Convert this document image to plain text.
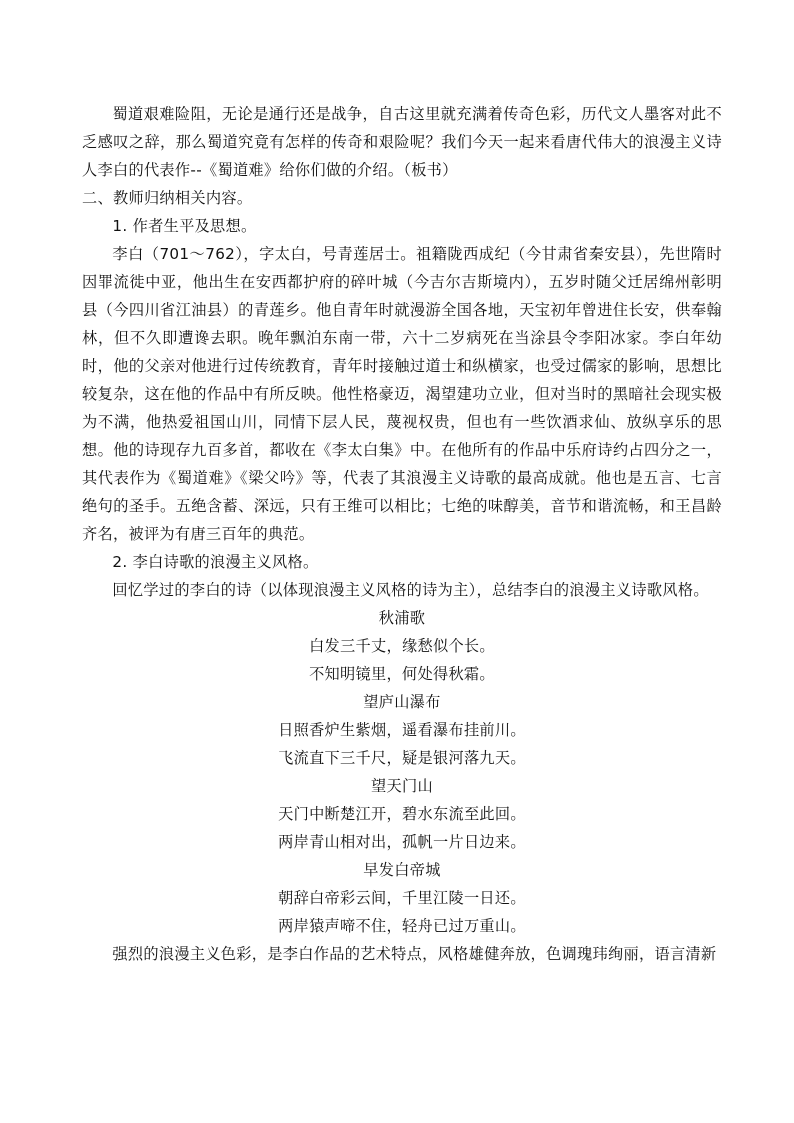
蜀道艰难险阻，无论是通行还是战争，自古这里就充满着传奇色彩，历代文人墨客对此不乏感叹之辞，那么蜀道究竟有怎样的传奇和艰险呢？我们今天一起来看唐代伟大的浪漫主义诗人李白的代表作--《蜀道难》给你们做的介绍。（板书）

二、教师归纳相关内容。

1. 作者生平及思想。

李白（701～762），字太白，号青莲居士。祖籍陇西成纪（今甘肃省秦安县），先世隋时因罪流徙中亚，他出生在安西都护府的碎叶城（今吉尔吉斯境内），五岁时随父迁居绵州彰明县（今四川省江油县）的青莲乡。他自青年时就漫游全国各地，天宝初年曾进住长安，供奉翰林，但不久即遭谗去职。晚年飘泊东南一带，六十二岁病死在当涂县令李阳冰家。李白年幼时，他的父亲对他进行过传统教育，青年时接触过道士和纵横家，也受过儒家的影响，思想比较复杂，这在他的作品中有所反映。他性格豪迈，渴望建功立业，但对当时的黑暗社会现实极为不满，他热爱祖国山川，同情下层人民，蔑视权贵，但也有一些饮酒求仙、放纵享乐的思想。他的诗现存九百多首，都收在《李太白集》中。在他所有的作品中乐府诗约占四分之一，其代表作为《蜀道难》《梁父吟》等，代表了其浪漫主义诗歌的最高成就。他也是五言、七言绝句的圣手。五绝含蓄、深远，只有王维可以相比；七绝的味醇美，音节和谐流畅，和王昌龄齐名，被评为有唐三百年的典范。

2. 李白诗歌的浪漫主义风格。

回忆学过的李白的诗（以体现浪漫主义风格的诗为主），总结李白的浪漫主义诗歌风格。

秋浦歌

白发三千丈，缘愁似个长。

不知明镜里，何处得秋霜。

望庐山瀑布

日照香炉生紫烟，遥看瀑布挂前川。

飞流直下三千尺，疑是银河落九天。

望天门山

天门中断楚江开，碧水东流至此回。

两岸青山相对出，孤帆一片日边来。

早发白帝城

朝辞白帝彩云间，千里江陵一日还。

两岸猿声啼不住，轻舟已过万重山。

强烈的浪漫主义色彩，是李白作品的艺术特点，风格雄健奔放，色调瑰玮绚丽，语言清新
